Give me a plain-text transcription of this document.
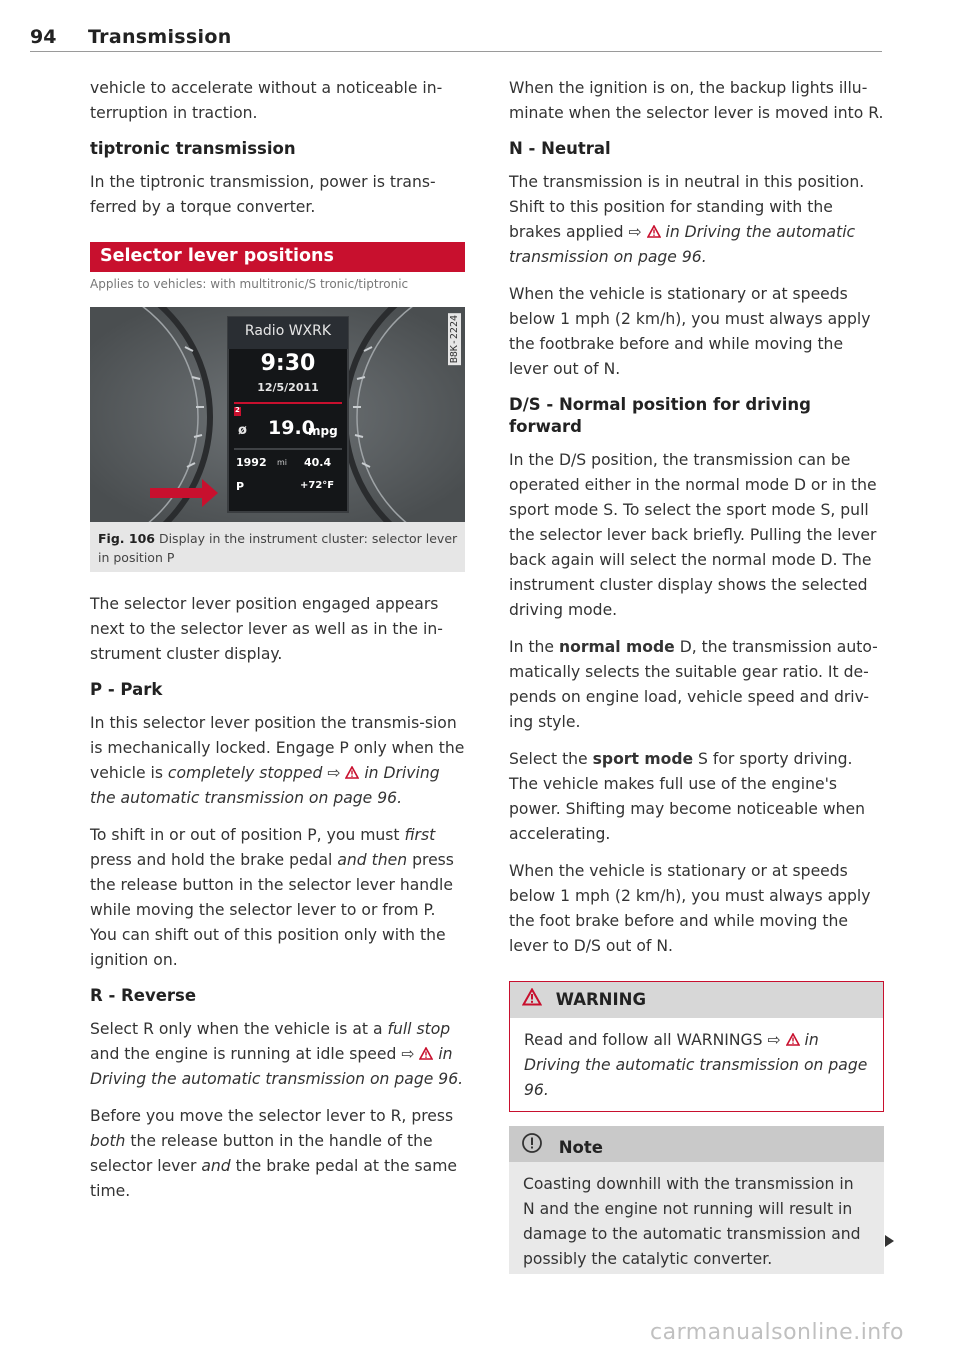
94 Transmission

vehicle to accelerate without a noticeable in-terruption in traction.

tiptronic transmission

In the tiptronic transmission, power is trans-ferred by a torque converter.

Selector lever positions
Applies to vehicles: with multitronic/S tronic/tiptronic
Radio WXRK
9:30
12/5/2011
2
ø 19.0
mpg
1992 mi 40.4
P	+72°F
B8K-2224
Fig. 106 Display in the instrument cluster: selector lever in position P

The selector lever position engaged appears next to the selector lever as well as in the in-strument cluster display.

P - Park

In this selector lever position the transmis-sion is mechanically locked. Engage P only when the vehicle is completely stopped ⇨  in Driving the automatic transmission on page 96.

To shift in or out of position P, you must first press and hold the brake pedal and then press the release button in the selector lever handle while moving the selector lever to or from P. You can shift out of this position only with the ignition on.

R - Reverse

Select R only when the vehicle is at a full stop and the engine is running at idle speed ⇨  in Driving the automatic transmission on page 96.

Before you move the selector lever to R, press both the release button in the handle of the selector lever and the brake pedal at the same time.

When the ignition is on, the backup lights illu-minate when the selector lever is moved into R.

N - Neutral

The transmission is in neutral in this position. Shift to this position for standing with the brakes applied ⇨  in Driving the automatic transmission on page 96.

When the vehicle is stationary or at speeds below 1 mph (2 km/h), you must always apply the footbrake before and while moving the lever out of N.

D/S - Normal position for driving forward

In the D/S position, the transmission can be operated either in the normal mode D or in the sport mode S. To select the sport mode S, pull the selector lever back briefly. Pulling the lever back again will select the normal mode D. The instrument cluster display shows the selected driving mode.

In the normal mode D, the transmission auto-matically selects the suitable gear ratio. It de-pends on engine load, vehicle speed and driv-ing style.

Select the sport mode S for sporty driving. The vehicle makes full use of the engine's power. Shifting may become noticeable when accelerating.

When the vehicle is stationary or at speeds below 1 mph (2 km/h), you must always apply the foot brake before and while moving the lever to D/S out of N.

WARNING
Read and follow all WARNINGS ⇨  in Driving the automatic transmission on page 96.
Note
Coasting downhill with the transmission in N and the engine not running will result in damage to the automatic transmission and possibly the catalytic converter.
carmanualsonline.info
